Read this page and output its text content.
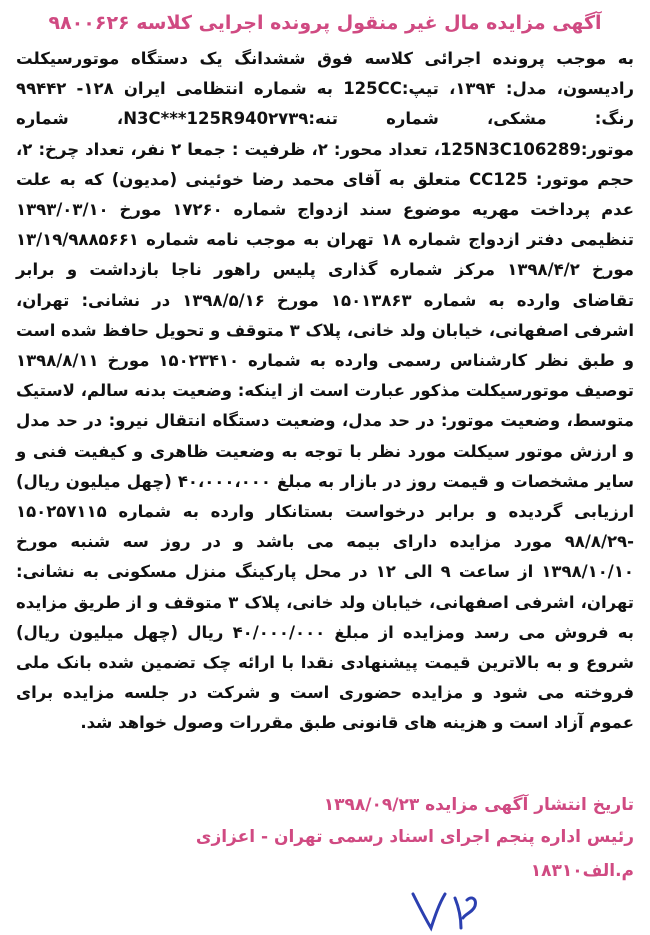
آگهی مزایده مال غیر منقول پرونده اجرایی کلاسه ۹۸۰۰۶۲۶

به موجب پرونده اجرائی کلاسه فوق ششدانگ یک دستگاه موتورسیکلت رادیسون، مدل: ۱۳۹۴، تیپ:125CC به شماره انتظامی ایران ۱۲۸- ۹۹۴۴۲ رنگ: مشکی، شماره تنه:N3C***125R940۲۷۳۹، شماره موتور:125N3C106289، تعداد محور: ۲، ظرفیت : جمعا ۲ نفر، تعداد چرخ: ۲، حجم موتور: CC125 متعلق به آقای محمد رضا خوئینی (مدیون) که به علت عدم پرداخت مهریه موضوع سند ازدواج شماره ۱۷۲۶۰ مورخ ۱۳۹۳/۰۳/۱۰ تنظیمی دفتر ازدواج شماره ۱۸ تهران به موجب نامه شماره ۱۳/۱۹/۹۸۸۵۶۶۱ مورخ ۱۳۹۸/۴/۲ مرکز شماره گذاری پلیس راهور ناجا بازداشت و برابر تقاضای وارده به شماره ۱۵۰۱۳۸۶۳ مورخ ۱۳۹۸/۵/۱۶ در نشانی: تهران، اشرفی اصفهانی، خیابان ولد خانی، پلاک ۳ متوقف و تحویل حافظ شده است و طبق نظر کارشناس رسمی وارده به شماره ۱۵۰۲۳۴۱۰ مورخ ۱۳۹۸/۸/۱۱ توصیف موتورسیکلت مذکور عبارت است از اینکه: وضعیت بدنه سالم، لاستیک متوسط، وضعیت موتور: در حد مدل، وضعیت دستگاه انتقال نیرو: در حد مدل و ارزش موتور سیکلت مورد نظر با توجه به وضعیت ظاهری و کیفیت فنی و سایر مشخصات و قیمت روز در بازار به مبلغ ۴۰،۰۰۰،۰۰۰ (چهل میلیون ریال) ارزیابی گردیده و برابر درخواست بستانکار وارده به شماره ۱۵۰۲۵۷۱۱۵ -۹۸/۸/۲۹ مورد مزایده دارای بیمه می باشد و در روز سه شنبه مورخ ۱۳۹۸/۱۰/۱۰ از ساعت ۹ الی ۱۲ در محل پارکینگ منزل مسکونی به نشانی: تهران، اشرفی اصفهانی، خیابان ولد خانی، پلاک ۳ متوقف و از طریق مزایده به فروش می رسد ومزایده از مبلغ ۴۰/۰۰۰/۰۰۰ ریال (چهل میلیون ریال) شروع و به بالاترین قیمت پیشنهادی نقدا با ارائه چک تضمین شده بانک ملی فروخته می شود و مزایده حضوری است و شرکت در جلسه مزایده برای عموم آزاد است و هزینه های قانونی طبق مقررات وصول خواهد شد.

تاریخ انتشار آگهی مزایده ۱۳۹۸/۰۹/۲۳

رئیس اداره پنجم اجرای اسناد رسمی تهران - اعزازی

م.الف۱۸۳۱۰
